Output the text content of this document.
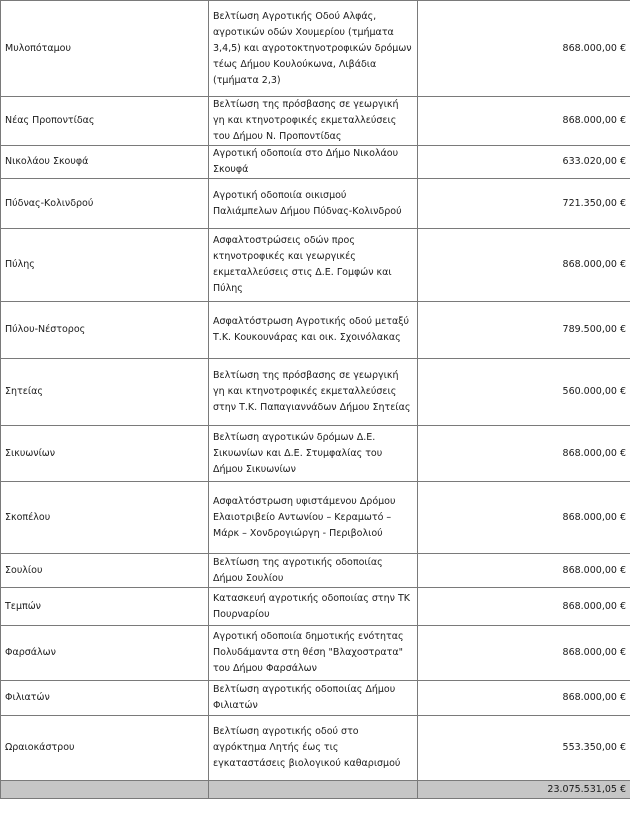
Μυλοπόταμου	Βελτίωση Αγροτικής Οδού Αλφάς, αγροτικών οδών Χουμερίου (τμήματα 3,4,5) και αγροτοκτηνοτροφικών δρόμων τέως Δήμου Κουλούκωνα, Λιβάδια (τμήματα 2,3)	868.000,00 €
Νέας Προποντίδας	Βελτίωση της πρόσβασης σε γεωργική γη και κτηνοτροφικές εκμεταλλεύσεις του Δήμου Ν. Προποντίδας	868.000,00 €
Νικολάου Σκουφά	Αγροτική οδοποιία στο Δήμο Νικολάου Σκουφά	633.020,00 €
Πύδνας-Κολινδρού	Αγροτική οδοποιία οικισμού Παλιάμπελων Δήμου Πύδνας-Κολινδρού	721.350,00 €
Πύλης	Ασφαλτοστρώσεις οδών προς κτηνοτροφικές και γεωργικές εκμεταλλεύσεις στις Δ.Ε. Γομφών και Πύλης	868.000,00 €
Πύλου-Νέστορος	Ασφαλτόστρωση Αγροτικής οδού μεταξύ Τ.Κ. Κουκουνάρας και οικ. Σχοινόλακας	789.500,00 €
Σητείας	Βελτίωση της πρόσβασης σε γεωργική γη και κτηνοτροφικές εκμεταλλεύσεις στην Τ.Κ. Παπαγιαννάδων Δήμου Σητείας	560.000,00 €
Σικυωνίων	Βελτίωση αγροτικών δρόμων Δ.Ε. Σικυωνίων και Δ.Ε. Στυμφαλίας του Δήμου Σικυωνίων	868.000,00 €
Σκοπέλου	Ασφαλτόστρωση υφιστάμενου Δρόμου Ελαιοτριβείο Αντωνίου – Κεραμωτό – Μάρκ – Χονδρογιώργη - Περιβολιού	868.000,00 €
Σουλίου	Βελτίωση της αγροτικής οδοποιίας Δήμου Σουλίου	868.000,00 €
Τεμπών	Κατασκευή αγροτικής οδοποιίας στην ΤΚ Πουρναρίου	868.000,00 €
Φαρσάλων	Αγροτική οδοποιία δημοτικής ενότητας Πολυδάμαντα στη θέση "Βλαχοστρατα" του Δήμου Φαρσάλων	868.000,00 €
Φιλιατών	Βελτίωση αγροτικής οδοποιίας Δήμου Φιλιατών	868.000,00 €
Ωραιοκάστρου	Βελτίωση αγροτικής οδού στο αγρόκτημα Λητής έως τις εγκαταστάσεις βιολογικού καθαρισμού	553.350,00 €
		23.075.531,05 €
